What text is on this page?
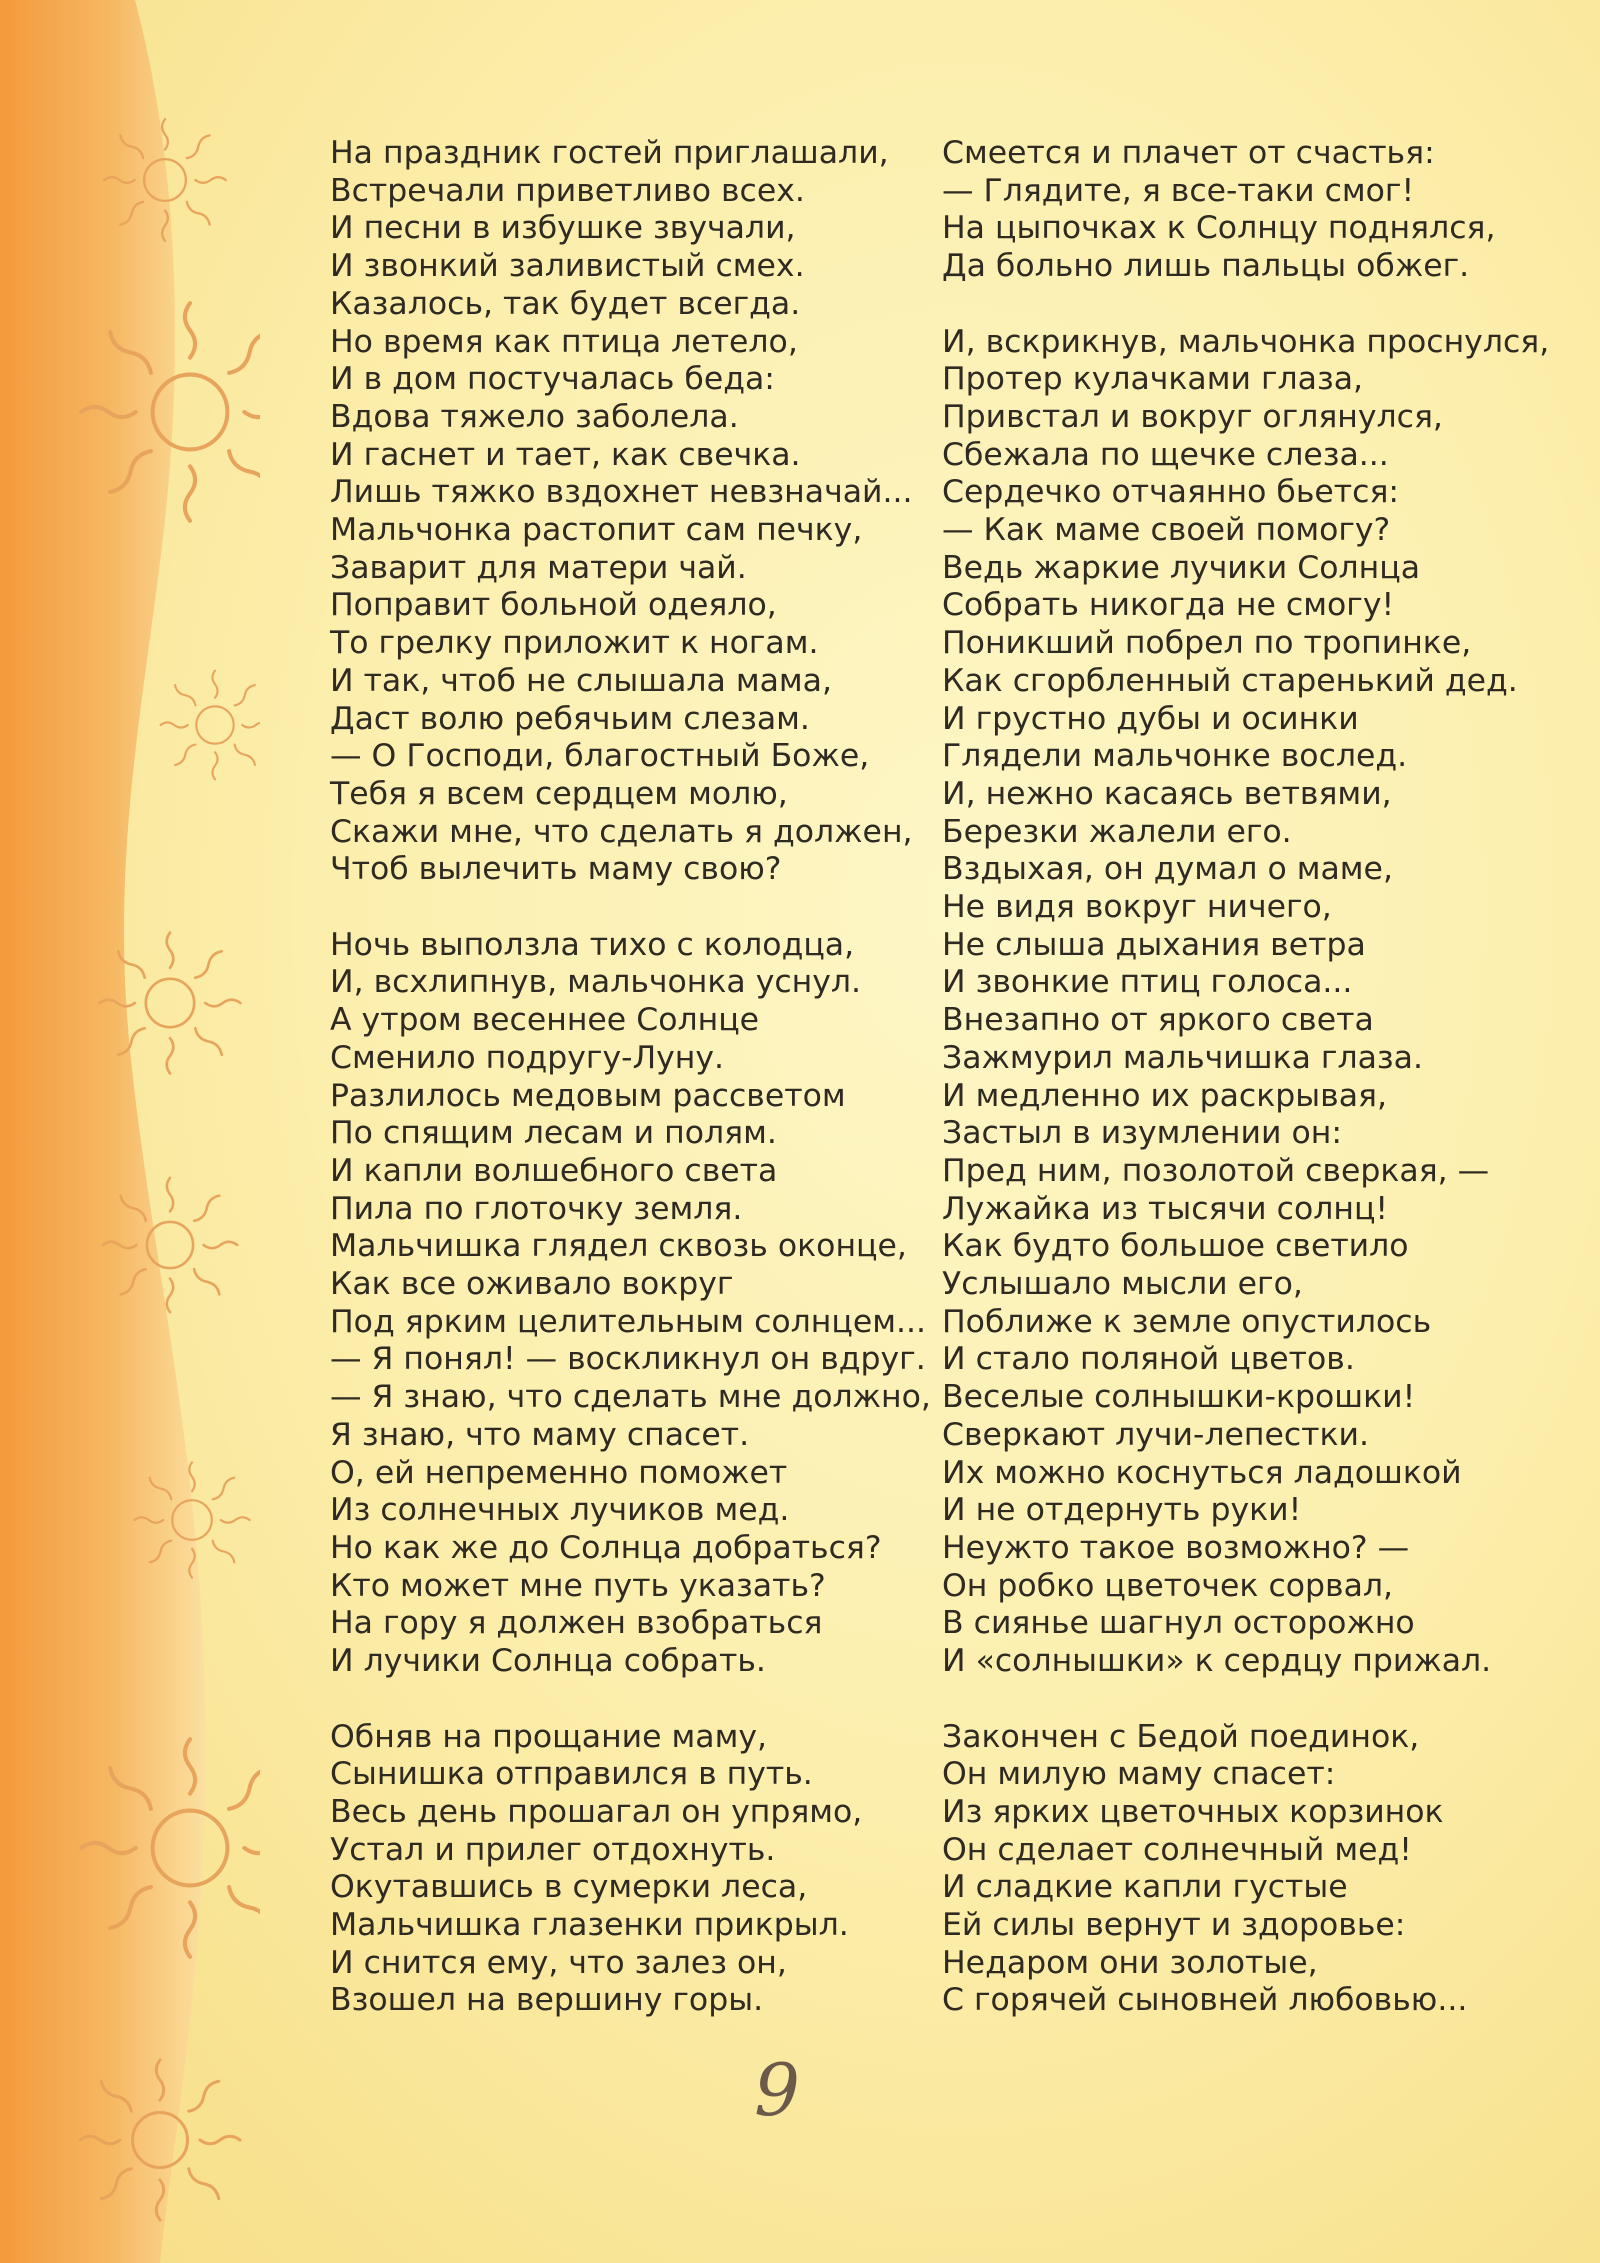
На праздник гостей приглашали,
Встречали приветливо всех.
И песни в избушке звучали,
И звонкий заливистый смех.
Казалось, так будет всегда.
Но время как птица летело,
И в дом постучалась беда:
Вдова тяжело заболела.
И гаснет и тает, как свечка.
Лишь тяжко вздохнет невзначай...
Мальчонка растопит сам печку,
Заварит для матери чай.
Поправит больной одеяло,
То грелку приложит к ногам.
И так, чтоб не слышала мама,
Даст волю ребячьим слезам.
— О Господи, благостный Боже,
Тебя я всем сердцем молю,
Скажи мне, что сделать я должен,
Чтоб вылечить маму свою?
Ночь выползла тихо с колодца,
И, всхлипнув, мальчонка уснул.
А утром весеннее Солнце
Сменило подругу-Луну.
Разлилось медовым рассветом
По спящим лесам и полям.
И капли волшебного света
Пила по глоточку земля.
Мальчишка глядел сквозь оконце,
Как все оживало вокруг
Под ярким целительным солнцем...
— Я понял! — воскликнул он вдруг.
— Я знаю, что сделать мне должно,
Я знаю, что маму спасет.
О, ей непременно поможет
Из солнечных лучиков мед.
Но как же до Солнца добраться?
Кто может мне путь указать?
На гору я должен взобраться
И лучики Солнца собрать.
Обняв на прощание маму,
Сынишка отправился в путь.
Весь день прошагал он упрямо,
Устал и прилег отдохнуть.
Окутавшись в сумерки леса,
Мальчишка глазенки прикрыл.
И снится ему, что залез он,
Взошел на вершину горы.
Смеется и плачет от счастья:
— Глядите, я все-таки смог!
На цыпочках к Солнцу поднялся,
Да больно лишь пальцы обжег.
И, вскрикнув, мальчонка проснулся,
Протер кулачками глаза,
Привстал и вокруг оглянулся,
Сбежала по щечке слеза...
Сердечко отчаянно бьется:
— Как маме своей помогу?
Ведь жаркие лучики Солнца
Собрать никогда не смогу!
Поникший побрел по тропинке,
Как сгорбленный старенький дед.
И грустно дубы и осинки
Глядели мальчонке вослед.
И, нежно касаясь ветвями,
Березки жалели его.
Вздыхая, он думал о маме,
Не видя вокруг ничего,
Не слыша дыхания ветра
И звонкие птиц голоса...
Внезапно от яркого света
Зажмурил мальчишка глаза.
И медленно их раскрывая,
Застыл в изумлении он:
Пред ним, позолотой сверкая, —
Лужайка из тысячи солнц!
Как будто большое светило
Услышало мысли его,
Поближе к земле опустилось
И стало поляной цветов.
Веселые солнышки-крошки!
Сверкают лучи-лепестки.
Их можно коснуться ладошкой
И не отдернуть руки!
Неужто такое возможно? —
Он робко цветочек сорвал,
В сиянье шагнул осторожно
И «солнышки» к сердцу прижал.
Закончен с Бедой поединок,
Он милую маму спасет:
Из ярких цветочных корзинок
Он сделает солнечный мед!
И сладкие капли густые
Ей силы вернут и здоровье:
Недаром они золотые,
С горячей сыновней любовью...
9
